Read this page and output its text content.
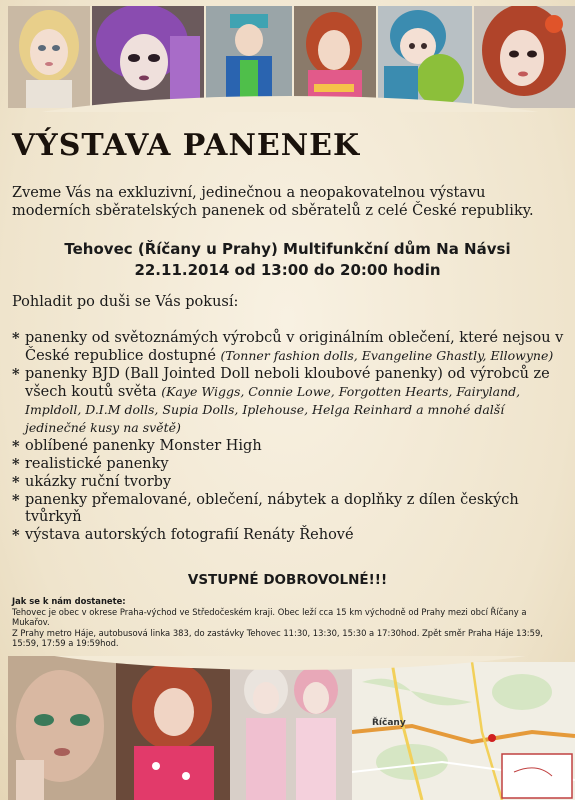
VÝSTAVA PANENEK

Zveme Vás na exkluzivní, jedinečnou a neopakovatelnou výstavu moderních sběratelských panenek od sběratelů z celé České republiky.

Tehovec (Říčany u Prahy) Multifunkční dům Na Návsi

22.11.2014 od 13:00 do 20:00 hodin

Pohladit po duši se Vás pokusí:

* panenky od světoznámých výrobců v originálním oblečení, které nejsou v České republice dostupné (Tonner fashion dolls, Evangeline Ghastly, Ellowyne)
* panenky BJD (Ball Jointed Doll neboli kloubové panenky) od výrobců ze všech koutů světa (Kaye Wiggs, Connie Lowe, Forgotten Hearts, Fairyland, Impldoll, D.I.M dolls, Supia Dolls, Iplehouse, Helga Reinhard a mnohé další jedinečné kusy na světě)
* oblíbené panenky Monster High
* realistické panenky
* ukázky ruční tvorby
* panenky přemalované, oblečení, nábytek a doplňky z dílen českých tvůrkyň
* výstava autorských fotografií Renáty Řehové

VSTUPNÉ DOBROVOLNÉ!!!

Jak se k nám dostanete:
Tehovec je obec v okrese Praha-východ ve Středočeském kraji. Obec leží cca 15 km východně od Prahy mezi obcí Říčany a Mukařov.
Z Prahy metro Háje, autobusová linka 383, do zastávky Tehovec 11:30, 13:30, 15:30 a 17:30hod. Zpět směr Praha Háje 13:59, 15:59, 17:59 a 19:59hod.
Říčany
